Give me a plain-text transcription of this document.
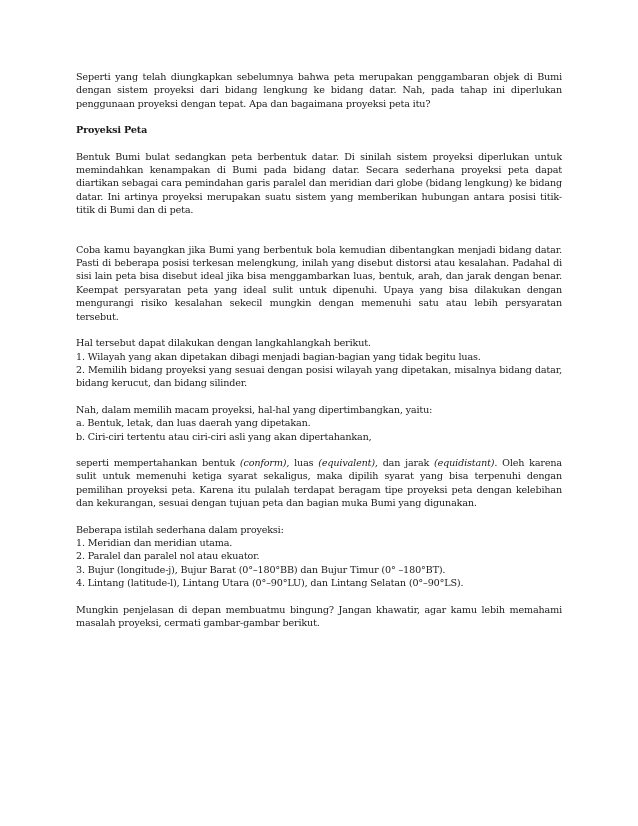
Seperti yang telah diungkapkan sebelumnya bahwa peta merupakan penggambaran objek di Bumi dengan sistem proyeksi dari bidang lengkung ke bidang datar. Nah, pada tahap ini diperlukan penggunaan proyeksi dengan tepat. Apa dan bagaimana proyeksi peta itu?

Proyeksi Peta

Bentuk Bumi bulat sedangkan peta berbentuk datar. Di sinilah sistem proyeksi diperlukan untuk memindahkan kenampakan di Bumi pada bidang datar. Secara sederhana proyeksi peta dapat diartikan sebagai cara pemindahan garis paralel dan meridian dari globe (bidang lengkung) ke bidang datar. Ini artinya proyeksi merupakan suatu sistem yang memberikan hubungan antara posisi titik-titik di Bumi dan di peta.

Coba kamu bayangkan jika Bumi yang berbentuk bola kemudian dibentangkan menjadi bidang datar. Pasti di beberapa posisi terkesan melengkung, inilah yang disebut distorsi atau kesalahan. Padahal di sisi lain peta bisa disebut ideal jika bisa menggambarkan luas, bentuk, arah, dan jarak dengan benar. Keempat persyaratan peta yang ideal sulit untuk dipenuhi. Upaya yang bisa dilakukan dengan mengurangi risiko kesalahan sekecil mungkin dengan memenuhi satu atau lebih persyaratan tersebut.

Hal tersebut dapat dilakukan dengan langkahlangkah berikut.

1. Wilayah yang akan dipetakan dibagi menjadi bagian-bagian yang tidak begitu luas.

2. Memilih bidang proyeksi yang sesuai dengan posisi wilayah yang dipetakan, misalnya bidang datar, bidang kerucut, dan bidang silinder.

Nah, dalam memilih macam proyeksi, hal-hal yang dipertimbangkan, yaitu:

a. Bentuk, letak, dan luas daerah yang dipetakan.

b. Ciri-ciri tertentu atau ciri-ciri asli yang akan dipertahankan,

seperti mempertahankan bentuk (conform), luas (equivalent), dan jarak (equidistant). Oleh karena sulit untuk memenuhi ketiga syarat sekaligus, maka dipilih syarat yang bisa terpenuhi dengan pemilihan proyeksi peta. Karena itu pulalah terdapat beragam tipe proyeksi peta dengan kelebihan dan kekurangan, sesuai dengan tujuan peta dan bagian muka Bumi yang digunakan.

Beberapa istilah sederhana dalam proyeksi:

1. Meridian dan meridian utama.

2. Paralel dan paralel nol atau ekuator.

3. Bujur (longitude-j), Bujur Barat (0°–180°BB) dan Bujur Timur (0° –180°BT).

4. Lintang (latitude-l), Lintang Utara (0°–90°LU), dan Lintang Selatan (0°–90°LS).

Mungkin penjelasan di depan membuatmu bingung? Jangan khawatir, agar kamu lebih memahami masalah proyeksi, cermati gambar-gambar berikut.
